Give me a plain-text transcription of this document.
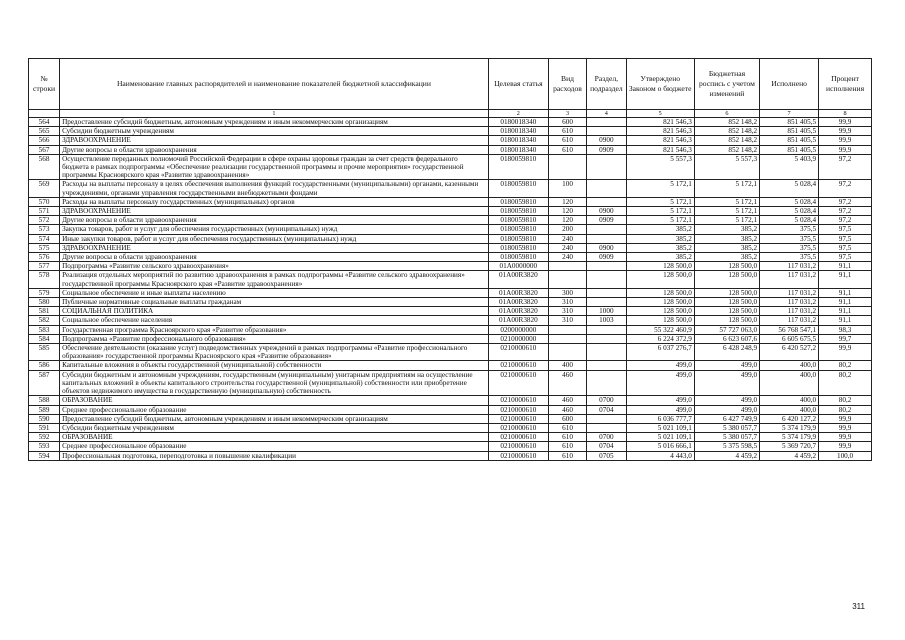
№ строки	Наименование главных распорядителей и наименование показателей бюджетной классификации	Целевая статья	Вид расходов	Раздел, подраздел	Утверждено Законом о бюджете	Бюджетная роспись с учетом изменений	Исполнено	Процент исполнения
	1	2	3	4	5	6	7	8
564	Предоставление субсидий бюджетным, автономным учреждениям и иным некоммерческим организациям	0180018340	600		821 546,3	852 148,2	851 405,5	99,9
565	Субсидии бюджетным учреждениям	0180018340	610		821 546,3	852 148,2	851 405,5	99,9
566	ЗДРАВООХРАНЕНИЕ	0180018340	610	0900	821 546,3	852 148,2	851 405,5	99,9
567	Другие вопросы в области здравоохранения	0180018340	610	0909	821 546,3	852 148,2	851 405,5	99,9
568	Осуществление переданных полномочий Российской Федерации в сфере охраны здоровья граждан за счет средств федерального бюджета в рамках подпрограммы «Обеспечение реализации государственной программы и прочие мероприятия» государственной программы Красноярского края «Развитие здравоохранения»	0180059810			5 557,3	5 557,3	5 403,9	97,2
569	Расходы на выплаты персоналу в целях обеспечения выполнения функций государственными (муниципальными) органами, казенными учреждениями, органами управления государственными внебюджетными фондами	0180059810	100		5 172,1	5 172,1	5 028,4	97,2
570	Расходы на выплаты персоналу государственных (муниципальных) органов	0180059810	120		5 172,1	5 172,1	5 028,4	97,2
571	ЗДРАВООХРАНЕНИЕ	0180059810	120	0900	5 172,1	5 172,1	5 028,4	97,2
572	Другие вопросы в области здравоохранения	0180059810	120	0909	5 172,1	5 172,1	5 028,4	97,2
573	Закупка товаров, работ и услуг для обеспечения государственных (муниципальных) нужд	0180059810	200		385,2	385,2	375,5	97,5
574	Иные закупки товаров, работ и услуг для обеспечения государственных (муниципальных) нужд	0180059810	240		385,2	385,2	375,5	97,5
575	ЗДРАВООХРАНЕНИЕ	0180059810	240	0900	385,2	385,2	375,5	97,5
576	Другие вопросы в области здравоохранения	0180059810	240	0909	385,2	385,2	375,5	97,5
577	Подпрограмма «Развитие сельского здравоохранения»	01А0000000			128 500,0	128 500,0	117 031,2	91,1
578	Реализация отдельных мероприятий по развитию здравоохранения в рамках подпрограммы «Развитие сельского здравоохранения» государственной программы Красноярского края «Развитие здравоохранения»	01А00R3820			128 500,0	128 500,0	117 031,2	91,1
579	Социальное обеспечение и иные выплаты населению	01А00R3820	300		128 500,0	128 500,0	117 031,2	91,1
580	Публичные нормативные социальные выплаты гражданам	01А00R3820	310		128 500,0	128 500,0	117 031,2	91,1
581	СОЦИАЛЬНАЯ ПОЛИТИКА	01А00R3820	310	1000	128 500,0	128 500,0	117 031,2	91,1
582	Социальное обеспечение населения	01А00R3820	310	1003	128 500,0	128 500,0	117 031,2	91,1
583	Государственная программа Красноярского края «Развитие образования»	0200000000			55 322 460,9	57 727 063,0	56 768 547,1	98,3
584	Подпрограмма «Развитие профессионального образования»	0210000000			6 224 372,9	6 623 607,6	6 605 675,5	99,7
585	Обеспечение деятельности (оказание услуг) подведомственных учреждений в рамках подпрограммы «Развитие профессионального образования» государственной программы Красноярского края «Развитие образования»	0210000610			6 037 276,7	6 428 248,9	6 420 527,2	99,9
586	Капитальные вложения в объекты государственной (муниципальной) собственности	0210000610	400		499,0	499,0	400,0	80,2
587	Субсидии бюджетным и автономным учреждениям, государственным (муниципальным) унитарным предприятиям на осуществление капитальных вложений в объекты капитального строительства государственной (муниципальной) собственности или приобретение объектов недвижимого имущества в государственную (муниципальную) собственность	0210000610	460		499,0	499,0	400,0	80,2
588	ОБРАЗОВАНИЕ	0210000610	460	0700	499,0	499,0	400,0	80,2
589	Среднее профессиональное образование	0210000610	460	0704	499,0	499,0	400,0	80,2
590	Предоставление субсидий бюджетным, автономным учреждениям и иным некоммерческим организациям	0210000610	600		6 036 777,7	6 427 749,9	6 420 127,2	99,9
591	Субсидии бюджетным учреждениям	0210000610	610		5 021 109,1	5 380 057,7	5 374 179,9	99,9
592	ОБРАЗОВАНИЕ	0210000610	610	0700	5 021 109,1	5 380 057,7	5 374 179,9	99,9
593	Среднее профессиональное образование	0210000610	610	0704	5 016 666,1	5 375 598,5	5 369 720,7	99,9
594	Профессиональная подготовка, переподготовка и повышение квалификации	0210000610	610	0705	4 443,0	4 459,2	4 459,2	100,0
311
